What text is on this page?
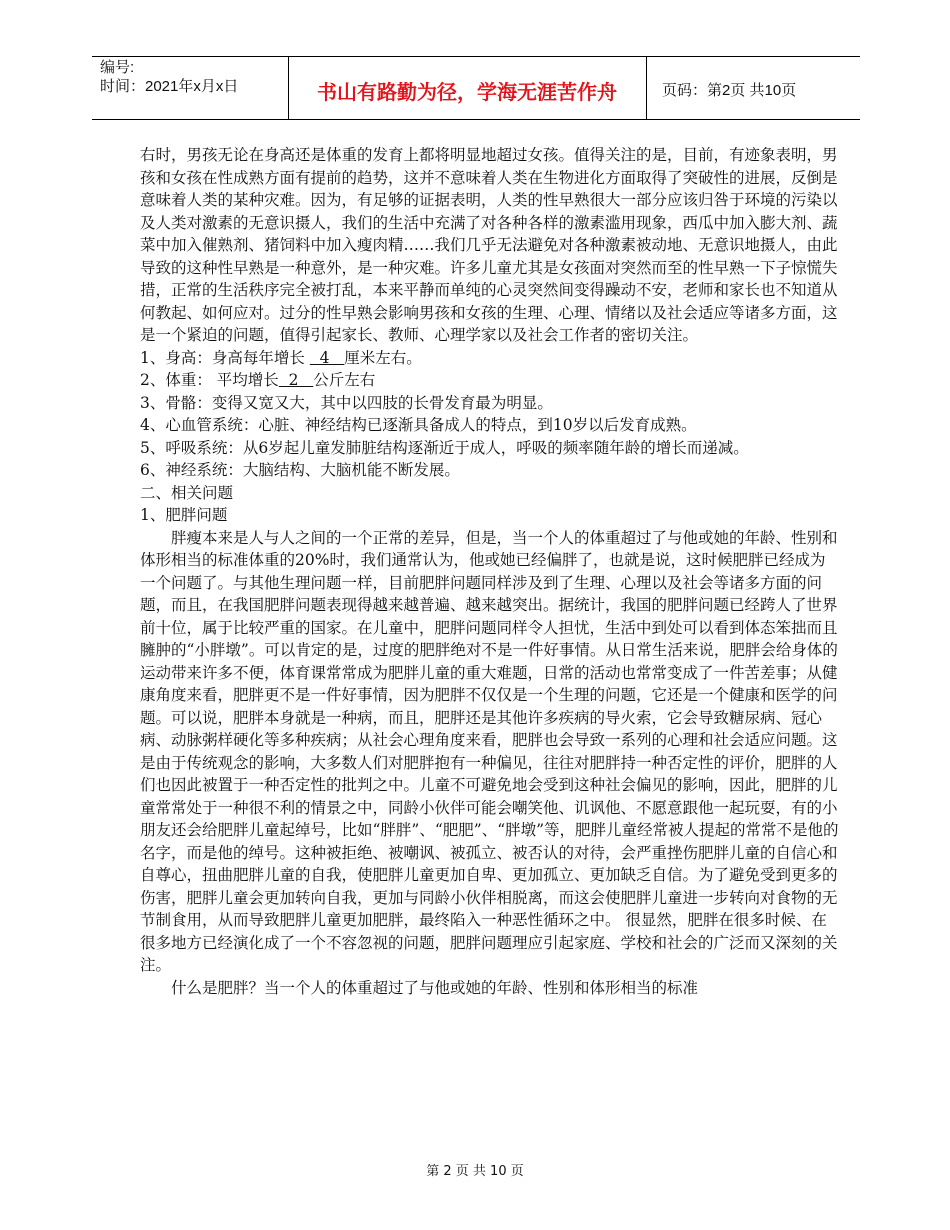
编号:
时间：2021年x月x日	书山有路勤为径，学海无涯苦作舟	页码：第2页 共10页

右时，男孩无论在身高还是体重的发育上都将明显地超过女孩。值得关注的是，目前，有迹象表明，男孩和女孩在性成熟方面有提前的趋势，这并不意味着人类在生物进化方面取得了突破性的进展，反倒是意味着人类的某种灾难。因为，有足够的证据表明，人类的性早熟很大一部分应该归咎于环境的污染以及人类对激素的无意识摄人，我们的生活中充满了对各种各样的激素滥用现象，西瓜中加入膨大剂、蔬菜中加入催熟剂、猪饲料中加入瘦肉精……我们几乎无法避免对各种激素被动地、无意识地摄人，由此导致的这种性早熟是一种意外，是一种灾难。许多儿童尤其是女孩面对突然而至的性早熟一下子惊慌失措，正常的生活秩序完全被打乱，本来平静而单纯的心灵突然间变得躁动不安，老师和家长也不知道从何教起、如何应对。过分的性早熟会影响男孩和女孩的生理、心理、情绪以及社会适应等诸多方面，这是一个紧迫的问题，值得引起家长、教师、心理学家以及社会工作者的密切关注。

1、身高：身高每年增长   4   厘米左右。

2、体重： 平均增长  2   公斤左右

3、骨骼：变得又宽又大，其中以四肢的长骨发育最为明显。

4、心血管系统：心脏、神经结构已逐渐具备成人的特点，到10岁以后发育成熟。

5、呼吸系统：从6岁起儿童发肺脏结构逐渐近于成人，呼吸的频率随年龄的增长而递减。

6、神经系统：大脑结构、大脑机能不断发展。

二、相关问题

1、肥胖问题

胖瘦本来是人与人之间的一个正常的差异，但是，当一个人的体重超过了与他或她的年龄、性别和体形相当的标准体重的20%时，我们通常认为，他或她已经偏胖了，也就是说，这时候肥胖已经成为一个问题了。与其他生理问题一样，目前肥胖问题同样涉及到了生理、心理以及社会等诸多方面的问题，而且，在我国肥胖问题表现得越来越普遍、越来越突出。据统计，我国的肥胖问题已经跨人了世界前十位，属于比较严重的国家。在儿童中，肥胖问题同样令人担忧，生活中到处可以看到体态笨拙而且臃肿的“小胖墩”。可以肯定的是，过度的肥胖绝对不是一件好事情。从日常生活来说，肥胖会给身体的运动带来许多不便，体育课常常成为肥胖儿童的重大难题，日常的活动也常常变成了一件苦差事；从健康角度来看，肥胖更不是一件好事情，因为肥胖不仅仅是一个生理的问题，它还是一个健康和医学的问题。可以说，肥胖本身就是一种病，而且，肥胖还是其他许多疾病的导火索，它会导致糖尿病、冠心病、动脉粥样硬化等多种疾病；从社会心理角度来看，肥胖也会导致一系列的心理和社会适应问题。这是由于传统观念的影响，大多数人们对肥胖抱有一种偏见，往往对肥胖持一种否定性的评价，肥胖的人们也因此被置于一种否定性的批判之中。儿童不可避免地会受到这种社会偏见的影响，因此，肥胖的儿童常常处于一种很不利的情景之中，同龄小伙伴可能会嘲笑他、讥讽他、不愿意跟他一起玩耍，有的小朋友还会给肥胖儿童起绰号，比如“胖胖”、“肥肥”、“胖墩”等，肥胖儿童经常被人提起的常常不是他的名字，而是他的绰号。这种被拒绝、被嘲讽、被孤立、被否认的对待，会严重挫伤肥胖儿童的自信心和自尊心，扭曲肥胖儿童的自我，使肥胖儿童更加自卑、更加孤立、更加缺乏自信。为了避免受到更多的伤害，肥胖儿童会更加转向自我，更加与同龄小伙伴相脱离，而这会使肥胖儿童进一步转向对食物的无节制食用，从而导致肥胖儿童更加肥胖，最终陷入一种恶性循环之中。 很显然，肥胖在很多时候、在很多地方已经演化成了一个不容忽视的问题，肥胖问题理应引起家庭、学校和社会的广泛而又深刻的关注。

什么是肥胖？当一个人的体重超过了与他或她的年龄、性别和体形相当的标准

第 2 页 共 10 页
